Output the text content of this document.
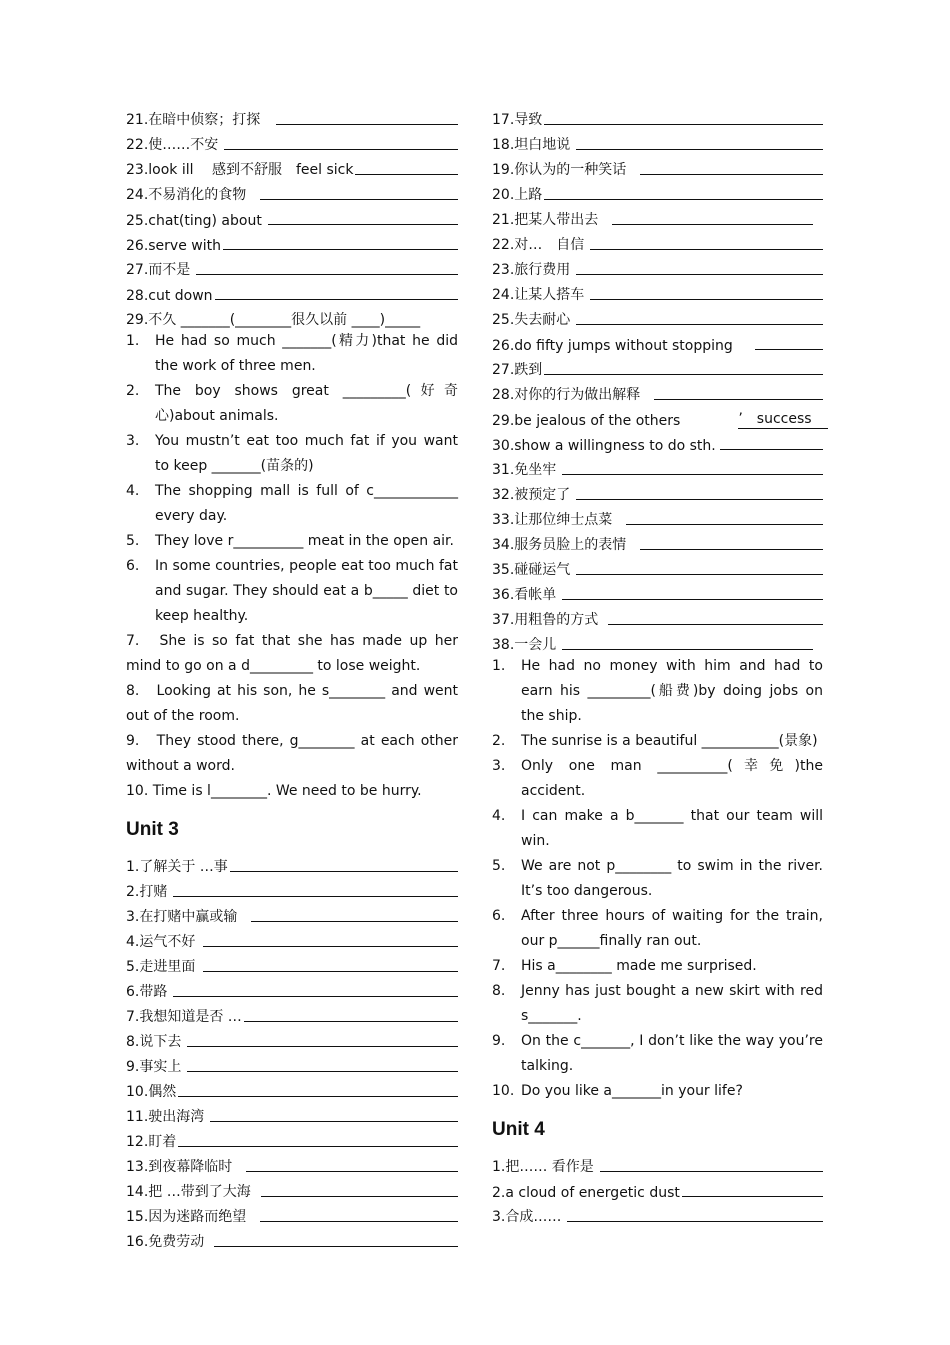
21.在暗中侦察；打探
22.使……不安
23.look ill　 感到不舒服　feel sick
24.不易消化的食物
25.chat(ting) about
26.serve with
27.而不是
28.cut down
29.不久 _______(________很久以前 ____)_____
1.	He had so much _______(精力)that he did the work of three men.
2.	The boy shows great _________(好奇心)about animals.
3.	You mustn’t eat too much fat if you want to keep _______(苗条的)
4.	The shopping mall is full of c____________ every day.
5.	They love r__________ meat in the open air.
6.	In some countries, people eat too much fat and sugar. They should eat a b_____ diet to keep healthy.
7.　She is so fat that she has made up her mind to go on a d_________ to lose weight.
8.　Looking at his son, he s________ and went out of the room.
9.　They stood there, g________ at each other without a word.
10. Time is l________. We need to be hurry.
Unit 3
1.了解关于 …事
2.打赌
3.在打赌中赢或输
4.运气不好
5.走进里面
6.带路
7.我想知道是否 …
8.说下去
9.事实上
10.偶然
11.驶出海湾
12.盯着
13.到夜幕降临时
14.把 …带到了大海
15.因为迷路而绝望
16.免费劳动
17.导致
18.坦白地说
19.你认为的一种笑话
20.上路
21.把某人带出去
22.对…　自信
23.旅行费用
24.让某人搭车
25.失去耐心
26.do fifty jumps without stopping
27.跌到
28.对你的行为做出解释
29.be jealous of the others	’　success
30.show a willingness to do sth.
31.免坐牢
32.被预定了
33.让那位绅士点菜
34.服务员脸上的表情
35.碰碰运气
36.看帐单
37.用粗鲁的方式
38.一会儿
1.	He had no money with him and had to earn his _________(船费)by doing jobs on the ship.
2.	The sunrise is a beautiful ___________(景象)
3.	Only one man __________(幸免)the accident.
4.	I can make a b_______ that our team will win.
5.	We are not p________ to swim in the river. It’s too dangerous.
6.	After three hours of waiting for the train, our p______finally ran out.
7.	His a________ made me surprised.
8.	Jenny has just bought a new skirt with red s_______.
9.	On the c_______, I don’t like the way you’re talking.
10. Do you like a_______in your life?
Unit 4
1.把…… 看作是
2.a cloud of energetic dust
3.合成……
